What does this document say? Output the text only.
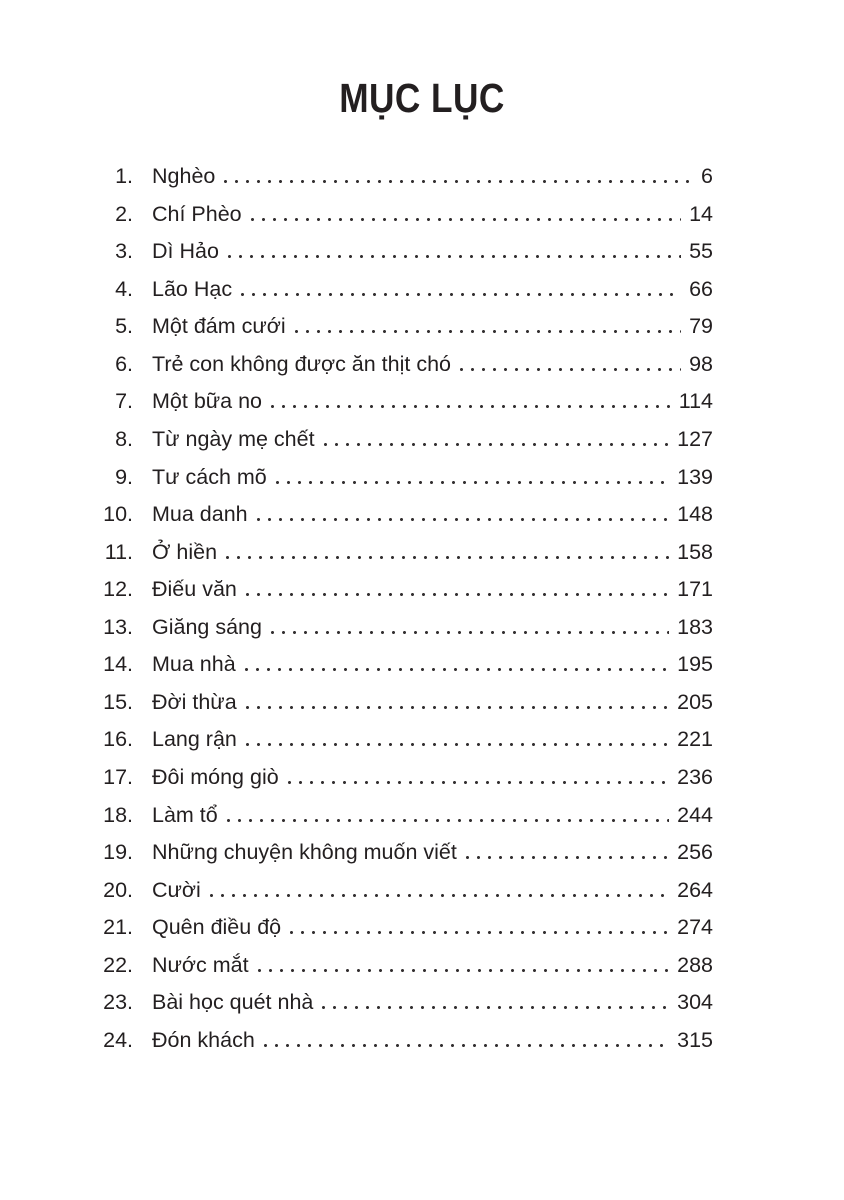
MỤC LỤC
1. Nghèo	6
2. Chí Phèo	14
3. Dì Hảo	55
4. Lão Hạc	66
5. Một đám cưới	79
6. Trẻ con không được ăn thịt chó	98
7. Một bữa no	114
8. Từ ngày mẹ chết	127
9. Tư cách mõ	139
10. Mua danh	148
11. Ở hiền	158
12. Điếu văn	171
13. Giăng sáng	183
14. Mua nhà	195
15. Đời thừa	205
16. Lang rận	221
17. Đôi móng giò	236
18. Làm tổ	244
19. Những chuyện không muốn viết	256
20. Cười	264
21. Quên điều độ	274
22. Nước mắt	288
23. Bài học quét nhà	304
24. Đón khách	315
